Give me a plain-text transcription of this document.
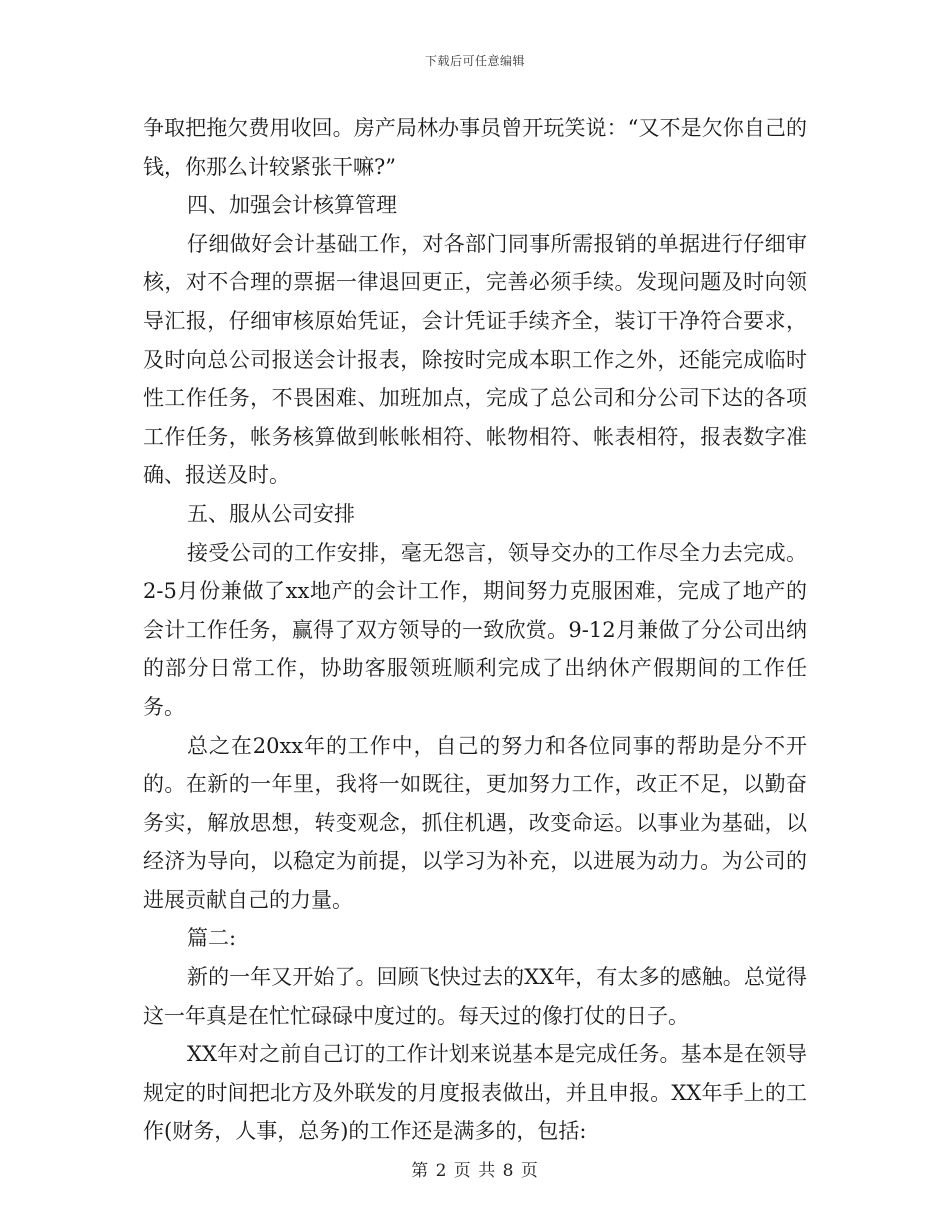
下载后可任意编辑

争取把拖欠费用收回。房产局林办事员曾开玩笑说：“又不是欠你自己的钱，你那么计较紧张干嘛?”

四、加强会计核算管理

仔细做好会计基础工作，对各部门同事所需报销的单据进行仔细审核，对不合理的票据一律退回更正，完善必须手续。发现问题及时向领导汇报，仔细审核原始凭证，会计凭证手续齐全，装订干净符合要求，及时向总公司报送会计报表，除按时完成本职工作之外，还能完成临时性工作任务，不畏困难、加班加点，完成了总公司和分公司下达的各项工作任务，帐务核算做到帐帐相符、帐物相符、帐表相符，报表数字准确、报送及时。

五、服从公司安排

接受公司的工作安排，毫无怨言，领导交办的工作尽全力去完成。2-5月份兼做了xx地产的会计工作，期间努力克服困难，完成了地产的会计工作任务，赢得了双方领导的一致欣赏。9-12月兼做了分公司出纳的部分日常工作，协助客服领班顺利完成了出纳休产假期间的工作任务。

总之在20xx年的工作中，自己的努力和各位同事的帮助是分不开的。在新的一年里，我将一如既往，更加努力工作，改正不足，以勤奋务实，解放思想，转变观念，抓住机遇，改变命运。以事业为基础，以经济为导向，以稳定为前提，以学习为补充，以进展为动力。为公司的进展贡献自己的力量。

篇二:

新的一年又开始了。回顾飞快过去的XX年，有太多的感触。总觉得这一年真是在忙忙碌碌中度过的。每天过的像打仗的日子。

XX年对之前自己订的工作计划来说基本是完成任务。基本是在领导规定的时间把北方及外联发的月度报表做出，并且申报。XX年手上的工作(财务，人事，总务)的工作还是满多的，包括:

第 2 页 共 8 页
